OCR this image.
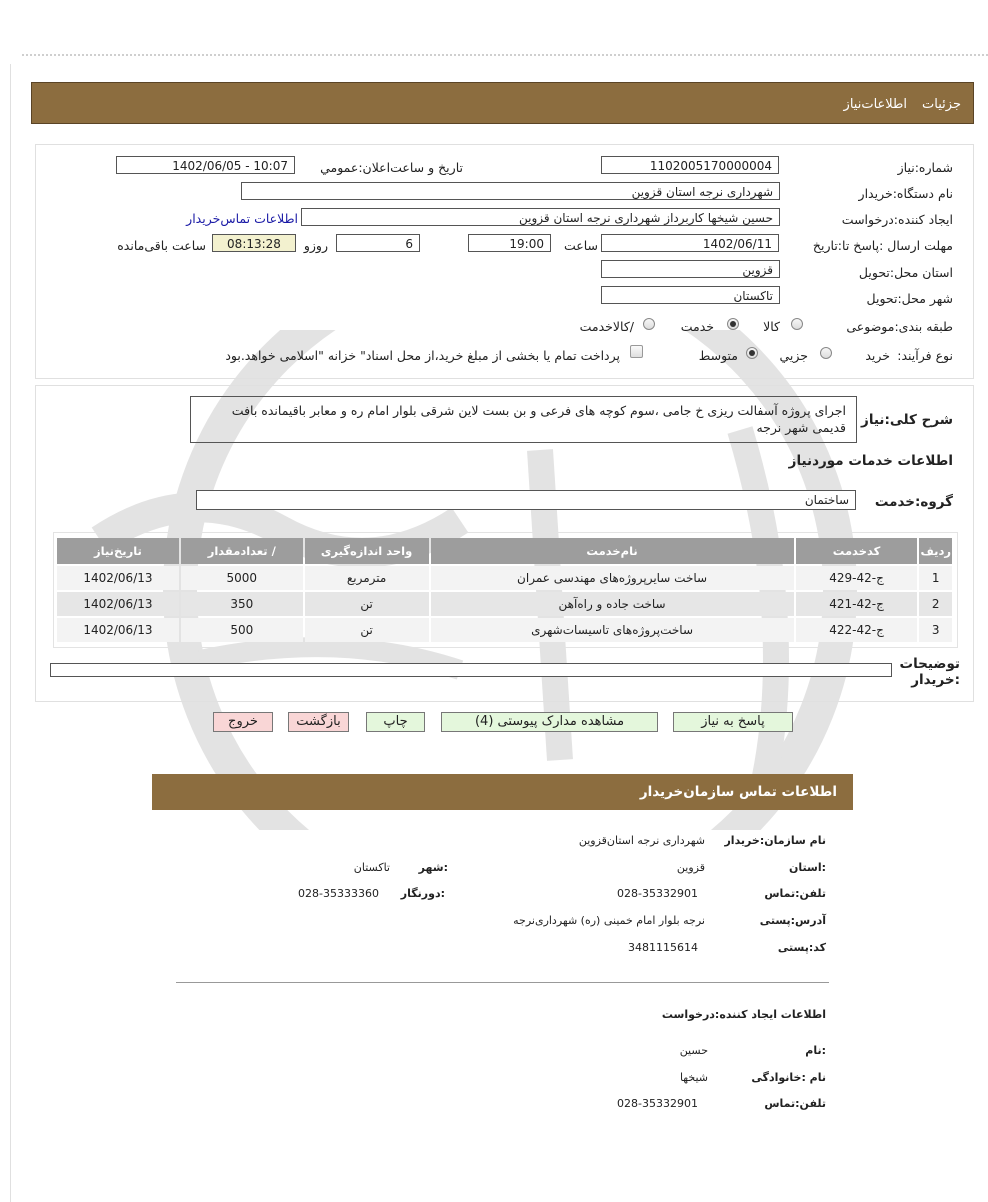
جزئیات
اطلاعات‌نیاز
شماره:نیاز
1102005170000004
تاریخ و ساعت‌اعلان:عمومي
1402/06/05 - 10:07
نام دستگاه:خریدار
شهرداری نرجه استان قزوین
ایجاد کننده:درخواست
حسین شیخها کاربرداز شهرداری نرجه استان قزوین
اطلاعات تماس‌خریدار
مهلت ارسال :پاسخ تا:تاریخ
1402/06/11
ساعت
19:00
6
روزو
08:13:28
ساعت باقی‌مانده
استان محل:تحویل
قزوین
شهر محل:تحویل
تاکستان
طبقه بندی:موضوعی
کالا
خدمت
/کالاخدمت
نوع فرآیند:
خرید
جزيي
متوسط
پرداخت تمام یا بخشی از مبلغ خرید،از محل اسناد" خزانه "اسلامی خواهد.بود
شرح کلی:نیاز
اجرای پروژه آسفالت ریزی خ جامی ،سوم کوچه های فرعی و بن بست لاین شرقی بلوار امام ره و معابر باقیمانده بافت قدیمی شهر نرجه
اطلاعات خدمات موردنیاز
گروه:خدمت
ساختمان
ردیف	کدخدمت	نام‌خدمت	واحد اندازه‌گیری	/ تعدادمقدار	تاریخ‌نیاز
1	ج-42-429	ساخت سایرپروژه‌های مهندسی عمران	مترمربع	5000	1402/06/13
2	ج-42-421	ساخت جاده و راه‌آهن	تن	350	1402/06/13
3	ج-42-422	ساخت‌پروژه‌های تاسیسات‌شهری	تن	500	1402/06/13
توضیحات :خریدار
پاسخ به نیاز
مشاهده مدارک پیوستی (4)
چاپ
بازگشت
خروج
اطلاعات تماس سازمان‌خریدار
نام سازمان:خریدار
شهرداری نرجه استان‌قزوین
:استان
قزوین
:شهر
تاکستان
تلفن:تماس
028-35332901
:دورنگار
028-35333360
آدرس:پستی
نرجه بلوار امام خمینی (ره) شهرداری‌نرجه
کد:پستی
3481115614
اطلاعات ایجاد کننده:درخواست
:نام
حسین
نام :خانوادگی
شیخها
تلفن:تماس
028-35332901
